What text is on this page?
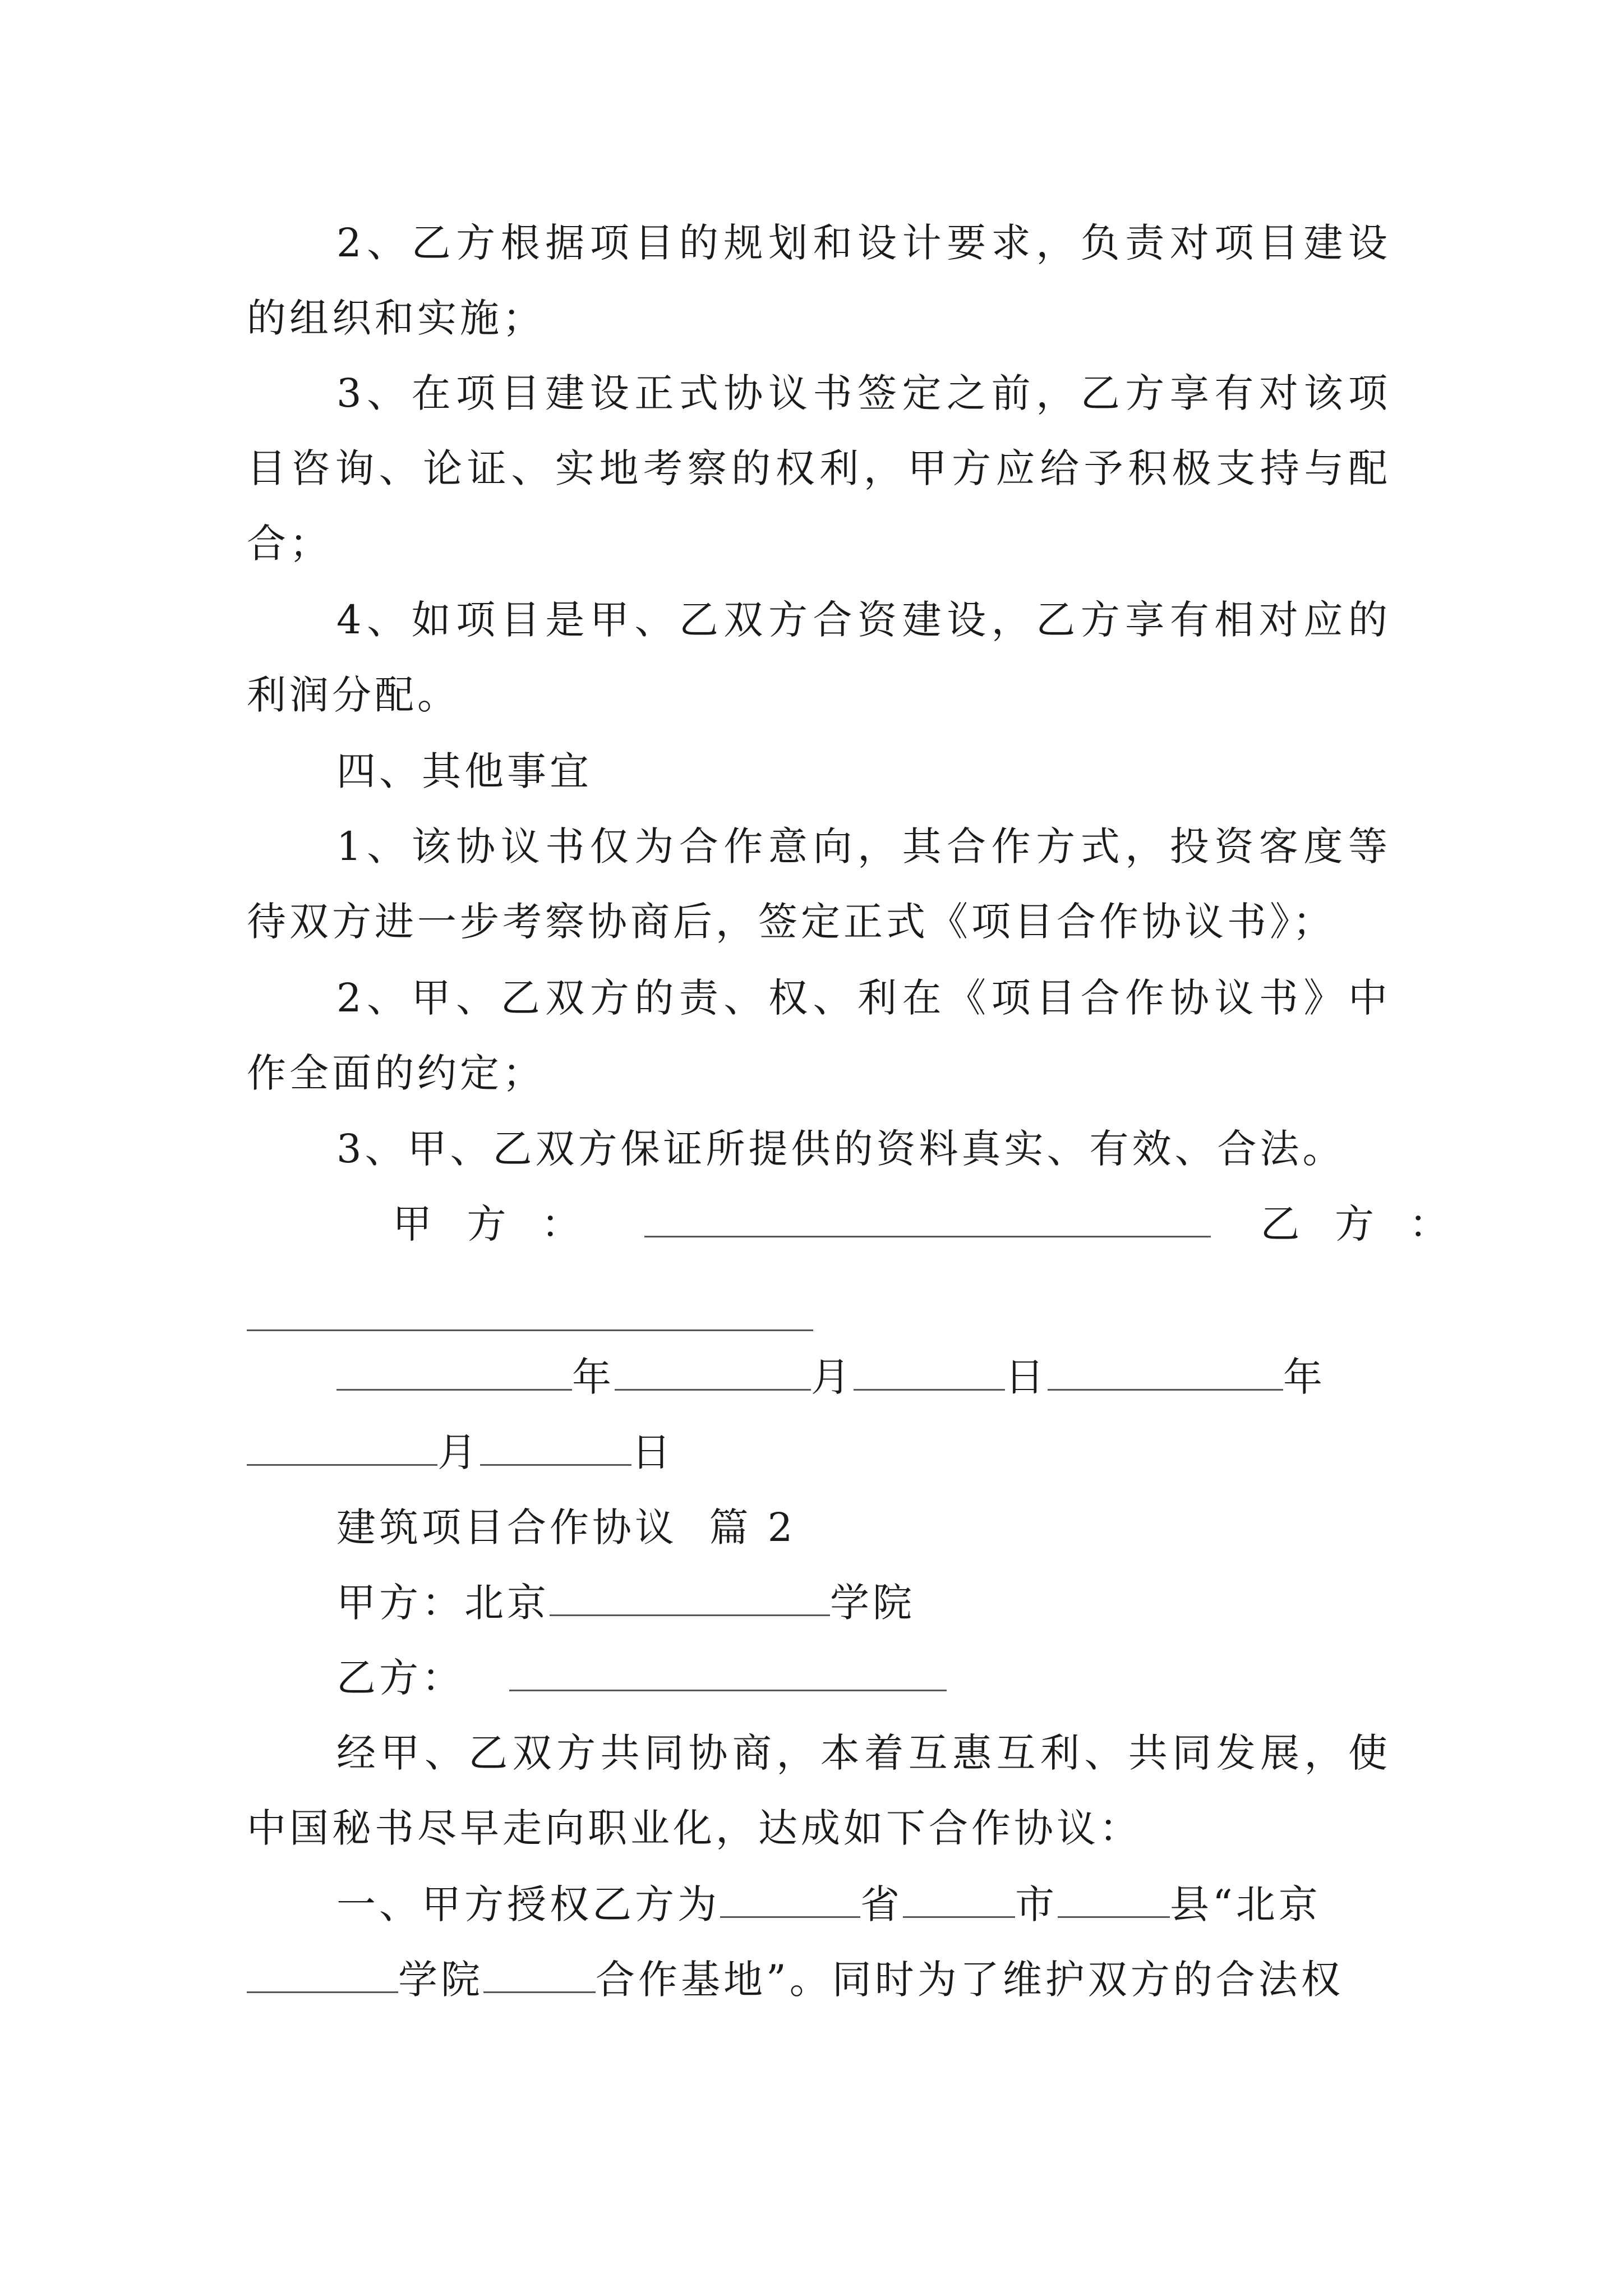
2、乙方根据项目的规划和设计要求，负责对项目建设
的组织和实施；
3、在项目建设正式协议书签定之前，乙方享有对该项
目咨询、论证、实地考察的权利，甲方应给予积极支持与配
合；
4、如项目是甲、乙双方合资建设，乙方享有相对应的
利润分配。
四、其他事宜
1、该协议书仅为合作意向，其合作方式，投资客度等
待双方进一步考察协商后，签定正式《项目合作协议书》；
2、甲、乙双方的责、权、利在《项目合作协议书》中
作全面的约定；
3、甲、乙双方保证所提供的资料真实、有效、合法。
甲  方  ：	乙  方  ：
年	月	日	年
月	日
建筑项目合作协议  篇 2
甲方：北京	学院
乙方：
经甲、乙双方共同协商，本着互惠互利、共同发展，使
中国秘书尽早走向职业化，达成如下合作协议：
一、甲方授权乙方为	省	市	县“北京
学院	合作基地”。同时为了维护双方的合法权
